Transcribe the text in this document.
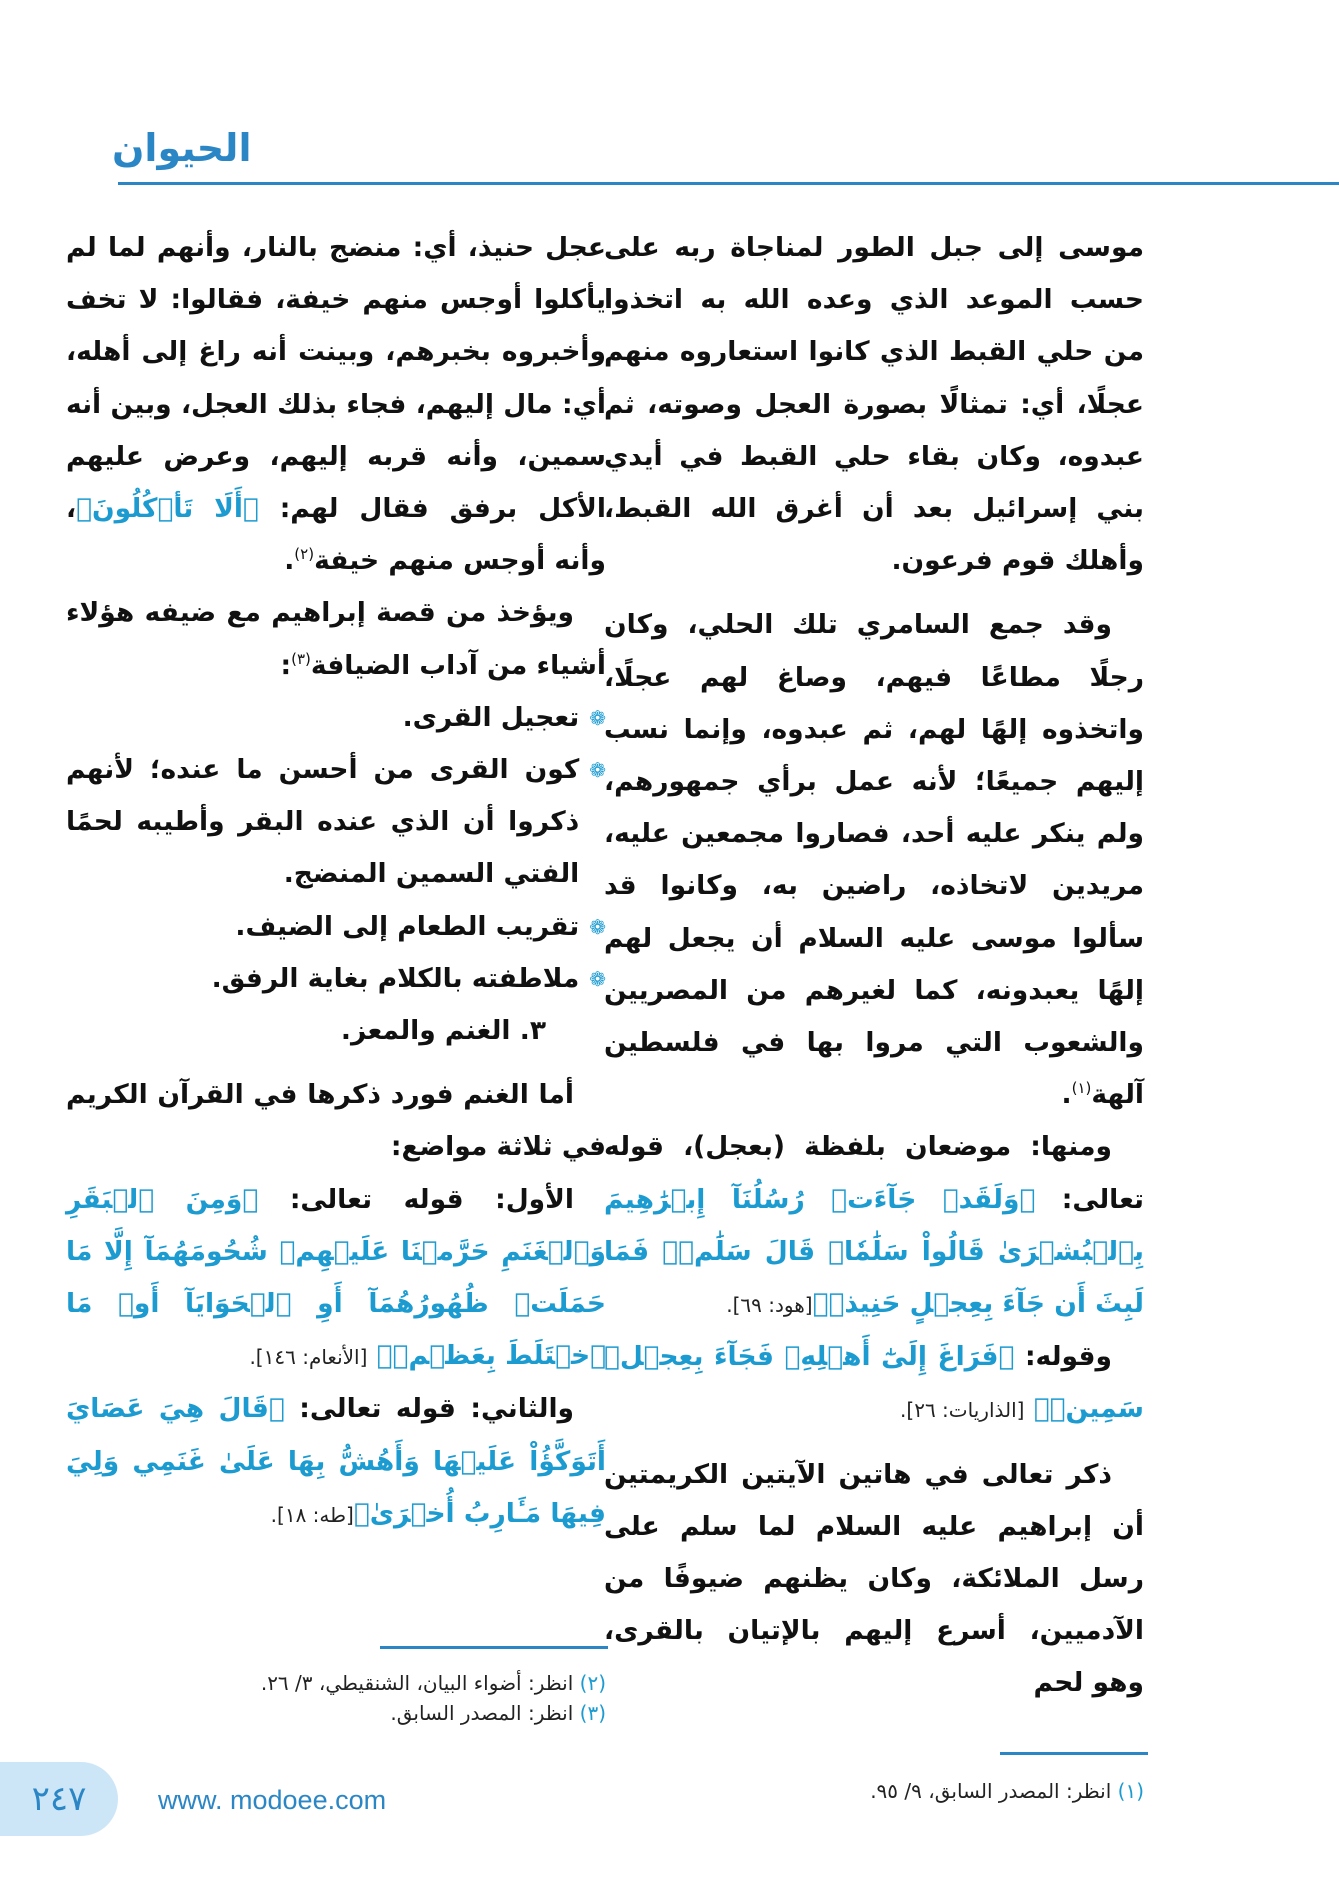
الحيوان

موسى إلى جبل الطور لمناجاة ربه على حسب الموعد الذي وعده الله به اتخذوا من حلي القبط الذي كانوا استعاروه منهم عجلًا، أي: تمثالًا بصورة العجل وصوته، ثم عبدوه، وكان بقاء حلي القبط في أيدي بني إسرائيل بعد أن أغرق الله القبط، وأهلك قوم فرعون.

وقد جمع السامري تلك الحلي، وكان رجلًا مطاعًا فيهم، وصاغ لهم عجلًا، واتخذوه إلهًا لهم، ثم عبدوه، وإنما نسب إليهم جميعًا؛ لأنه عمل برأي جمهورهم، ولم ينكر عليه أحد، فصاروا مجمعين عليه، مريدين لاتخاذه، راضين به، وكانوا قد سألوا موسى عليه السلام أن يجعل لهم إلهًا يعبدونه، كما لغيرهم من المصريين والشعوب التي مروا بها في فلسطين آلهة$^{(١)}$.

ومنها: موضعان بلفظة (بعجل)، قوله تعالى: ﴿وَلَقَدۡ جَآءَتۡ رُسُلُنَآ إِبۡرَٰهِيمَ بِٱلۡبُشۡرَىٰ قَالُواْ سَلَٰمٗاۖ قَالَ سَلَٰمٞۖ فَمَا لَبِثَ أَن جَآءَ بِعِجۡلٍ حَنِيذٖ﴾[هود: ٦٩].

وقوله: ﴿فَرَاغَ إِلَىٰٓ أَهۡلِهِۦ فَجَآءَ بِعِجۡلٖ سَمِينٖ﴾ [الذاريات: ٢٦].

ذكر تعالى في هاتين الآيتين الكريمتين أن إبراهيم عليه السلام لما سلم على رسل الملائكة، وكان يظنهم ضيوفًا من الآدميين، أسرع إليهم بالإتيان بالقرى، وهو لحم

عجل حنيذ، أي: منضج بالنار، وأنهم لما لم يأكلوا أوجس منهم خيفة، فقالوا: لا تخف وأخبروه بخبرهم، وبينت أنه راغ إلى أهله، أي: مال إليهم، فجاء بذلك العجل، وبين أنه سمين، وأنه قربه إليهم، وعرض عليهم الأكل برفق فقال لهم: ﴿أَلَا تَأۡكُلُونَ﴾، وأنه أوجس منهم خيفة$^{(٢)}$.

ويؤخذ من قصة إبراهيم مع ضيفه هؤلاء أشياء من آداب الضيافة$^{(٣)}$:

❁
تعجيل القرى.
❁
كون القرى من أحسن ما عنده؛ لأنهم ذكروا أن الذي عنده البقر وأطيبه لحمًا الفتي السمين المنضج.
❁
تقريب الطعام إلى الضيف.
❁
ملاطفته بالكلام بغاية الرفق.

٣. الغنم والمعز.

أما الغنم فورد ذكرها في القرآن الكريم في ثلاثة مواضع:

الأول: قوله تعالى: ﴿وَمِنَ ٱلۡبَقَرِ وَٱلۡغَنَمِ حَرَّمۡنَا عَلَيۡهِمۡ شُحُومَهُمَآ إِلَّا مَا حَمَلَتۡ ظُهُورُهُمَآ أَوِ ٱلۡحَوَايَآ أَوۡ مَا ٱخۡتَلَطَ بِعَظۡمٖ﴾ [الأنعام: ١٤٦].

والثاني: قوله تعالى: ﴿قَالَ هِيَ عَصَايَ أَتَوَكَّؤُاْ عَلَيۡهَا وَأَهُشُّ بِهَا عَلَىٰ غَنَمِي وَلِيَ فِيهَا مَـَٔارِبُ أُخۡرَىٰ﴾[طه: ١٨].

(٢) انظر: أضواء البيان، الشنقيطي، ٣/ ٢٦.
(٣) انظر: المصدر السابق.
(١) انظر: المصدر السابق، ٩/ ٩٥.
٢٤٧	www. modoee.com
